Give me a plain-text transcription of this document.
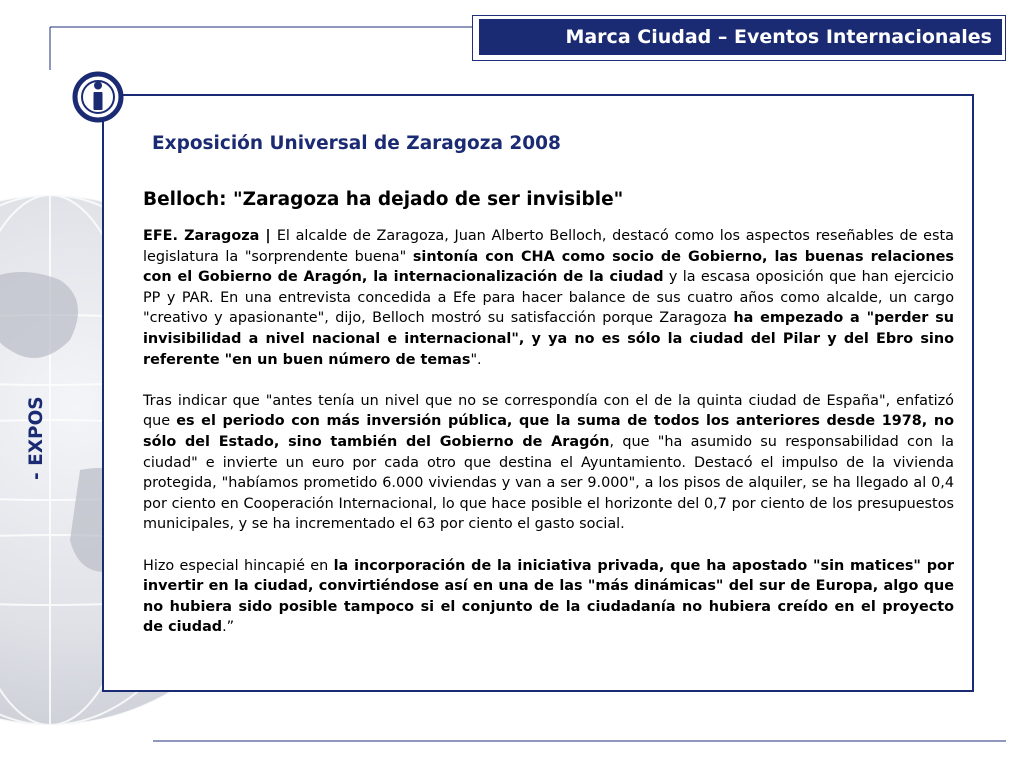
Marca Ciudad – Eventos Internacionales
Exposición Universal de Zaragoza 2008
Belloch: "Zaragoza ha dejado de ser invisible"

EFE. Zaragoza | El alcalde de Zaragoza, Juan Alberto Belloch, destacó como los aspectos reseñables de esta legislatura la "sorprendente buena" sintonía con CHA como socio de Gobierno, las buenas relaciones con el Gobierno de Aragón, la internacionalización de la ciudad y la escasa oposición que han ejercicio PP y PAR. En una entrevista concedida a Efe para hacer balance de sus cuatro años como alcalde, un cargo "creativo y apasionante", dijo, Belloch mostró su satisfacción porque Zaragoza ha empezado a "perder su invisibilidad a nivel nacional e internacional", y ya no es sólo la ciudad del Pilar y del Ebro sino referente "en un buen número de temas".

Tras indicar que "antes tenía un nivel que no se correspondía con el de la quinta ciudad de España", enfatizó que es el periodo con más inversión pública, que la suma de todos los anteriores desde 1978, no sólo del Estado, sino también del Gobierno de Aragón, que "ha asumido su responsabilidad con la ciudad" e invierte un euro por cada otro que destina el Ayuntamiento. Destacó el impulso de la vivienda protegida, "habíamos prometido 6.000 viviendas y van a ser 9.000", a los pisos de alquiler, se ha llegado al 0,4 por ciento en Cooperación Internacional, lo que hace posible el horizonte del 0,7 por ciento de los presupuestos municipales, y se ha incrementado el 63 por ciento el gasto social.

Hizo especial hincapié en la incorporación de la iniciativa privada, que ha apostado "sin matices" por invertir en la ciudad, convirtiéndose así en una de las "más dinámicas" del sur de Europa, algo que no hubiera sido posible tampoco si el conjunto de la ciudadanía no hubiera creído en el proyecto de ciudad.”

- EXPOS
